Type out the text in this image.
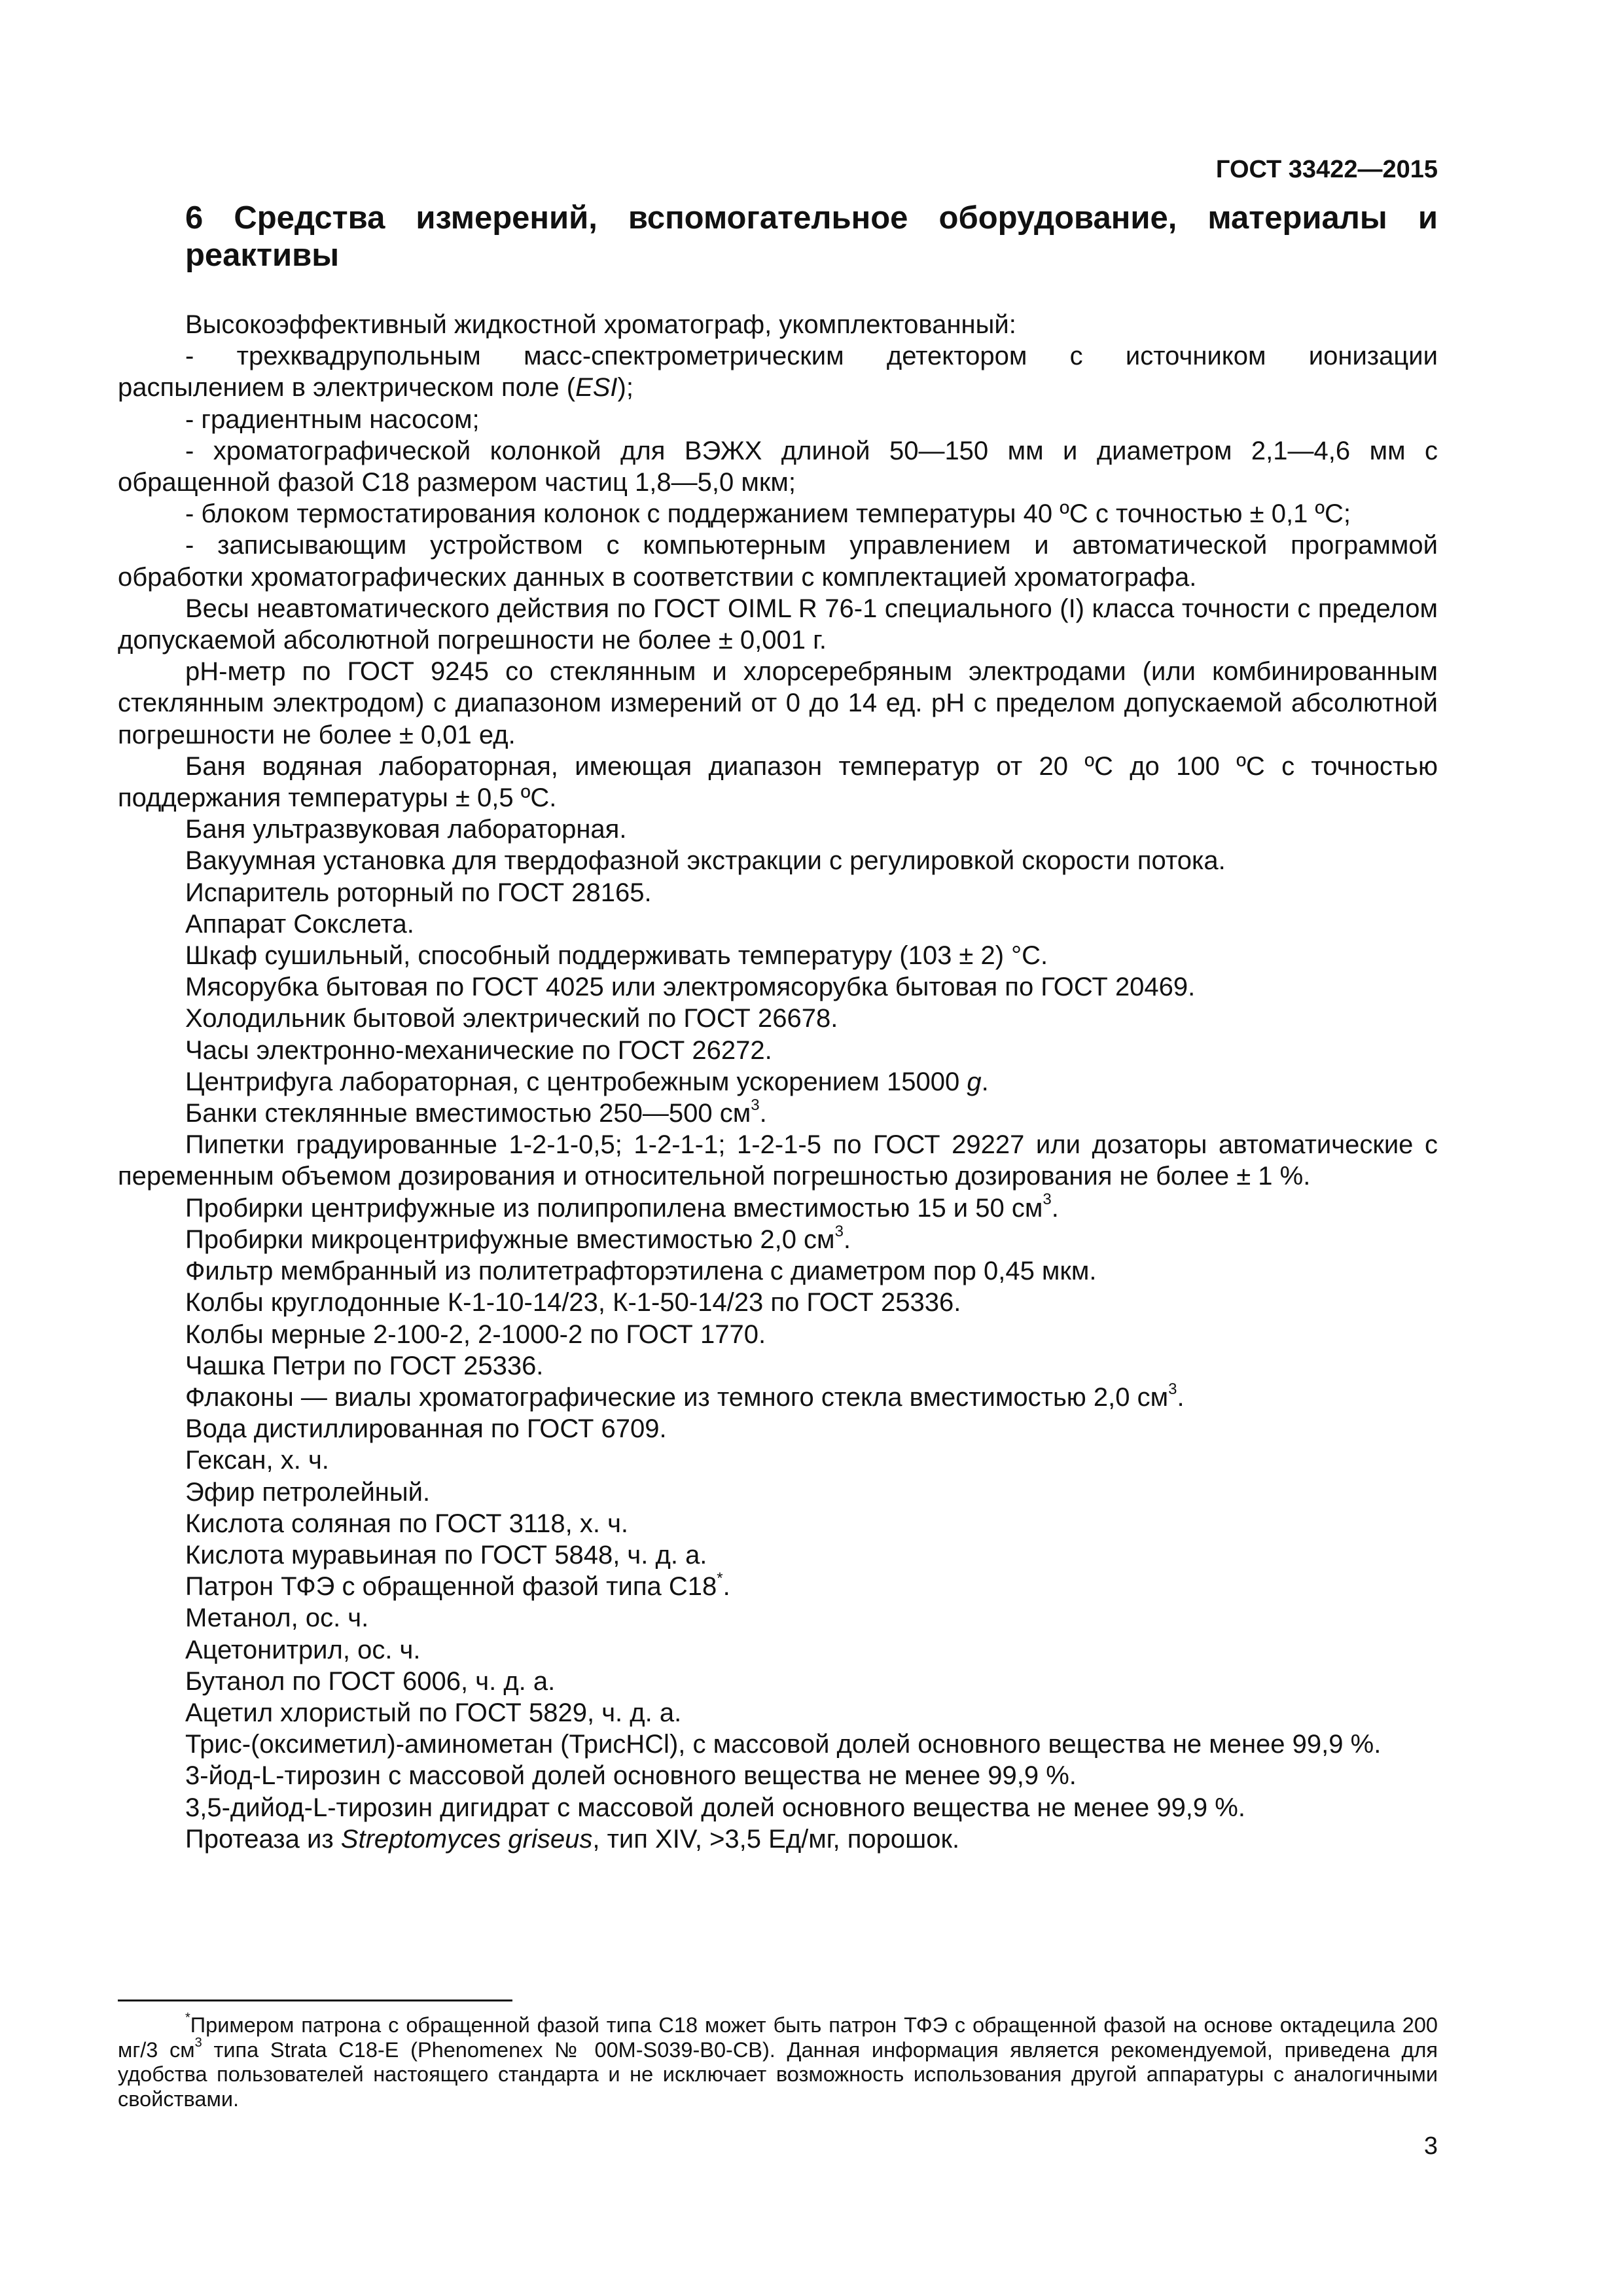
ГОСТ 33422—2015
6 Средства измерений, вспомогательное оборудование, материалы и реактивы
Высокоэффективный жидкостной хроматограф, укомплектованный:
- трехквадрупольным масс-спектрометрическим детектором с источником ионизации
распылением в электрическом поле (ESI);
- градиентным насосом;
- хроматографической колонкой для ВЭЖХ длиной 50—150 мм и диаметром 2,1—4,6 мм с
обращенной фазой С18 размером частиц 1,8—5,0 мкм;
- блоком термостатирования колонок с поддержанием температуры 40 ºС с точностью ± 0,1 ºС;
- записывающим устройством с компьютерным управлением и автоматической программой
обработки хроматографических данных в соответствии с комплектацией хроматографа.
Весы неавтоматического действия по ГОСТ OIML R 76-1 специального (I) класса точности с пределом допускаемой абсолютной погрешности не более ± 0,001 г.
рН-метр по ГОСТ 9245 со стеклянным и хлорсеребряным электродами (или комбинированным стеклянным электродом) с диапазоном измерений от 0 до 14 ед. рН с пределом допускаемой абсолютной погрешности не более ± 0,01 ед.
Баня водяная лабораторная, имеющая диапазон температур от 20 ºС до 100 ºС с точностью поддержания температуры ± 0,5 ºС.
Баня ультразвуковая лабораторная.
Вакуумная установка для твердофазной экстракции с регулировкой скорости потока.
Испаритель роторный по ГОСТ 28165.
Аппарат Сокслета.
Шкаф сушильный, способный поддерживать температуру (103 ± 2) °С.
Мясорубка бытовая по ГОСТ 4025 или электромясорубка бытовая по ГОСТ 20469.
Холодильник бытовой электрический по ГОСТ 26678.
Часы электронно-механические по ГОСТ 26272.
Центрифуга лабораторная, с центробежным ускорением 15000 g.
Банки стеклянные вместимостью 250—500 $см^3$.
Пипетки градуированные 1-2-1-0,5; 1-2-1-1; 1-2-1-5 по ГОСТ 29227 или дозаторы автоматические с переменным объемом дозирования и относительной погрешностью дозирования не более ± 1 %.
Пробирки центрифужные из полипропилена вместимостью 15 и 50 $см^3$.
Пробирки микроцентрифужные вместимостью 2,0 $см^3$.
Фильтр мембранный из политетрафторэтилена с диаметром пор 0,45 мкм.
Колбы круглодонные К-1-10-14/23, К-1-50-14/23 по ГОСТ 25336.
Колбы мерные 2-100-2, 2-1000-2 по ГОСТ 1770.
Чашка Петри по ГОСТ 25336.
Флаконы — виалы хроматографические из темного стекла вместимостью 2,0 $см^3$.
Вода дистиллированная по ГОСТ 6709.
Гексан, х. ч.
Эфир петролейный.
Кислота соляная по ГОСТ 3118, х. ч.
Кислота муравьиная по ГОСТ 5848, ч. д. а.
Патрон ТФЭ с обращенной фазой типа С18*.
Метанол, ос. ч.
Ацетонитрил, ос. ч.
Бутанол по ГОСТ 6006, ч. д. а.
Ацетил хлористый по ГОСТ 5829, ч. д. а.
Трис-(оксиметил)-аминометан (ТрисHCl), с массовой долей основного вещества не менее 99,9 %.
3-йод-L-тирозин с массовой долей основного вещества не менее 99,9 %.
3,5-дийод-L-тирозин дигидрат с массовой долей основного вещества не менее 99,9 %.
Протеаза из Streptomyces griseus, тип XIV, >3,5 Ед/мг, порошок.
*Примером патрона с обращенной фазой типа С18 может быть патрон ТФЭ с обращенной фазой на основе октадецила 200 мг/3 $см^3$ типа Strata C18-E (Phenomenex № 00M-S039-B0-CB). Данная информация является рекомендуемой, приведена для удобства пользователей настоящего стандарта и не исключает возможность использования другой аппаратуры с аналогичными свойствами.
3
